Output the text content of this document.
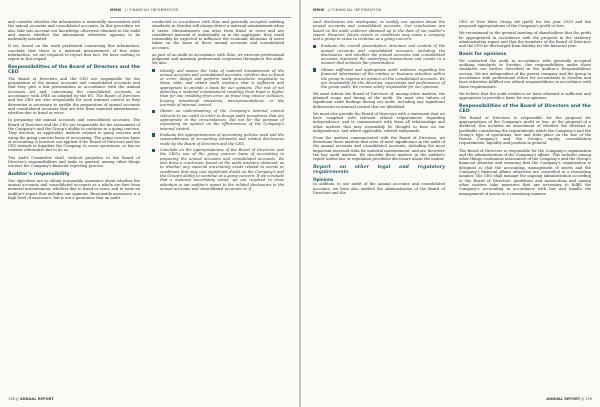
MMW // FINANCIAL INFORMATION

and consider whether the information is materially inconsistent with the annual accounts and consolidated accounts. In this procedure we also take into account our knowledge otherwise obtained in the audit and assess whether the information otherwise appears to be materially misstated.

If we, based on the work performed concerning this information, conclude that there is a material misstatement of this other information, we are required to report that fact. We have nothing to report in this regard.

Responsibilities of the Board of Directors and the CEO

The Board of Directors and the CEO are responsible for the preparation of the annual accounts and consolidated accounts and that they give a fair presentation in accordance with the Annual Accounts Act and, concerning the consolidated accounts, in accordance with IFRS as adopted by the EU. The Board of Directors and the CEO are also responsible for such internal control as they determine is necessary to enable the preparation of annual accounts and consolidated accounts that are free from material misstatement, whether due to fraud or error.

In preparing the annual accounts and consolidated accounts, The Board of Directors and the CEO are responsible for the assessment of the Company's and the Group's ability to continue as a going concern. They disclose, as applicable, matters related to going concern and using the going concern basis of accounting. The going concern basis of accounting is however not applied if the Board of Directors and the CEO intends to liquidate the Company, to cease operations, or has no realistic alternative but to do so.

The Audit Committee shall, without prejudice to the Board of Director's responsibilities and tasks in general, among other things oversee the Company's financial reporting process.

Auditor's responsibility

Our objectives are to obtain reasonable assurance about whether the annual accounts and consolidated accounts as a whole are free from material misstatement, whether due to fraud or error, and to issue an auditor's report that includes our opinions. Reasonable assurance is a high level of assurance, but is not a guarantee that an audit

conducted in accordance with ISAs and generally accepted auditing standards in Sweden will always detect a material misstatement when it exists. Misstatements can arise from fraud or error and are considered material if, individually or in the aggregate, they could reasonably be expected to influence the economic decisions of users taken on the basis of these annual accounts and consolidated accounts.

As part of an audit in accordance with ISAs, we exercise professional judgment and maintain professional scepticism throughout the audit. We also:

Identify and assess the risks of material misstatement of the annual accounts and consolidated accounts, whether due to fraud or error, design and perform audit procedures responsive to those risks, and obtain audit evidence that is sufficient and appropriate to provide a basis for our opinions. The risk of not detecting a material misstatement resulting from fraud is higher than for one resulting from error, as fraud may involve collusion, forgery, intentional omissions, misrepresentations, or the override of internal control.
Obtain an understanding of the Company's internal control relevant to our audit in order to design audit procedures that are appropriate in the circumstances, but not for the purpose of expressing an opinion on the effectiveness of the Company's internal control.
Evaluate the appropriateness of accounting policies used and the reasonableness of accounting estimates and related disclosures made by the Board of Directors and the CEO.
Conclude on the appropriateness of the Board of Directors' and the CEO's use of the going concern basis of accounting in preparing the annual accounts and consolidated accounts. We also draw a conclusion, based on the audit evidence obtained, as to whether any material uncertainty exists related to events or conditions that may cast significant doubt on the Company's and the Group's ability to continue as a going concern. If we conclude that a material uncertainty exists, we are required to draw attention in our auditor's report to the related disclosures in the annual accounts and consolidated accounts or, if
138 // ANNUAL REPORT
MMW // FINANCIAL INFORMATION

such disclosures are inadequate, to modify our opinion about the annual accounts and consolidated accounts. Our conclusions are based on the audit evidence obtained up to the date of our auditor's report. However, future events or conditions may cause a company and a group to cease to continue as a going concern.

Evaluate the overall presentation, structure and content of the annual accounts and consolidated accounts, including the disclosures, and whether the annual accounts and consolidated accounts represent the underlying transactions and events in a manner that achieves fair presentation.
Obtain sufficient and appropriate audit evidence regarding the financial information of the entities or business activities within the group to express an opinion on the consolidated accounts. We are responsible for the direction, supervision and performance of the group audit. We remain solely responsible for our opinions.

We must inform the Board of Directors of, among other matters, the planned scope and timing of the audit. We must also inform of significant audit findings during our audit, including any significant deficiencies in internal control that we identified.

We must also provide the Board of Directors with a statement that we have complied with relevant ethical requirements regarding independence, and to communicate with them all relationships and other matters that may reasonably be thought to bear on our independence, and where applicable, related safeguards.

From the matters communicated with the Board of Directors, we determine those matters that were of most significance in the audit of the annual accounts and consolidated accounts, including the most important assessed risks for material misstatement, and are therefore the key audit matters. We describe these matters in the auditor's report unless law or regulation precludes disclosure about the matter.

Report on other legal and regulatory requirements
Opinions

In addition to our audit of the annual accounts and consolidated accounts, we have also audited the administration of the Board of Directors and the

CEO of New Wave Group AB (publ) for the year 2020 and the proposed appropriations of the Company's profit or loss.

We recommend to the general meeting of shareholders that the profit be appropriated in accordance with the proposal in the statutory administration report and that the members of the Board of Directors and the CEO be discharged from liability for the financial year.

Basis for opinions

We conducted the audit in accordance with generally accepted auditing standards in Sweden. Our responsibilities under those standards are further described in the Auditor's Responsibilities section. We are independent of the parent company and the group in accordance with professional ethics for accountants in Sweden and have otherwise fulfilled our ethical responsibilities in accordance with these requirements.

We believe that the audit evidence we have obtained is sufficient and appropriate to provide a basis for our opinions.

Responsibilities of the Board of Directors and the CEO

The Board of Directors is responsible for the proposal for appropriations of the Company's profit or loss. At the proposal of a dividend, this includes an assessment of whether the dividend is justifiable considering the requirements which the Company's and the Group's type of operations, size and risks place on the size of the Parent Company's and the Group's equity, consolidation requirements, liquidity and position in general.

The Board of Directors is responsible for the Company's organization and the administration of the Company's affairs. This includes among other things continuous assessment of the Company's and the Group's financial situation and ensuring that the Company's organization is designed so that the accounting, management of assets and the Company's financial affairs otherwise are controlled in a reassuring manner. The CEO shall manage the ongoing administration according to the Board of Directors' guidelines and instructions and among other matters take measures that are necessary to fulfill the Company's accounting in accordance with law and handle the management of assets in a reassuring manner.

ANNUAL REPORT // 139
